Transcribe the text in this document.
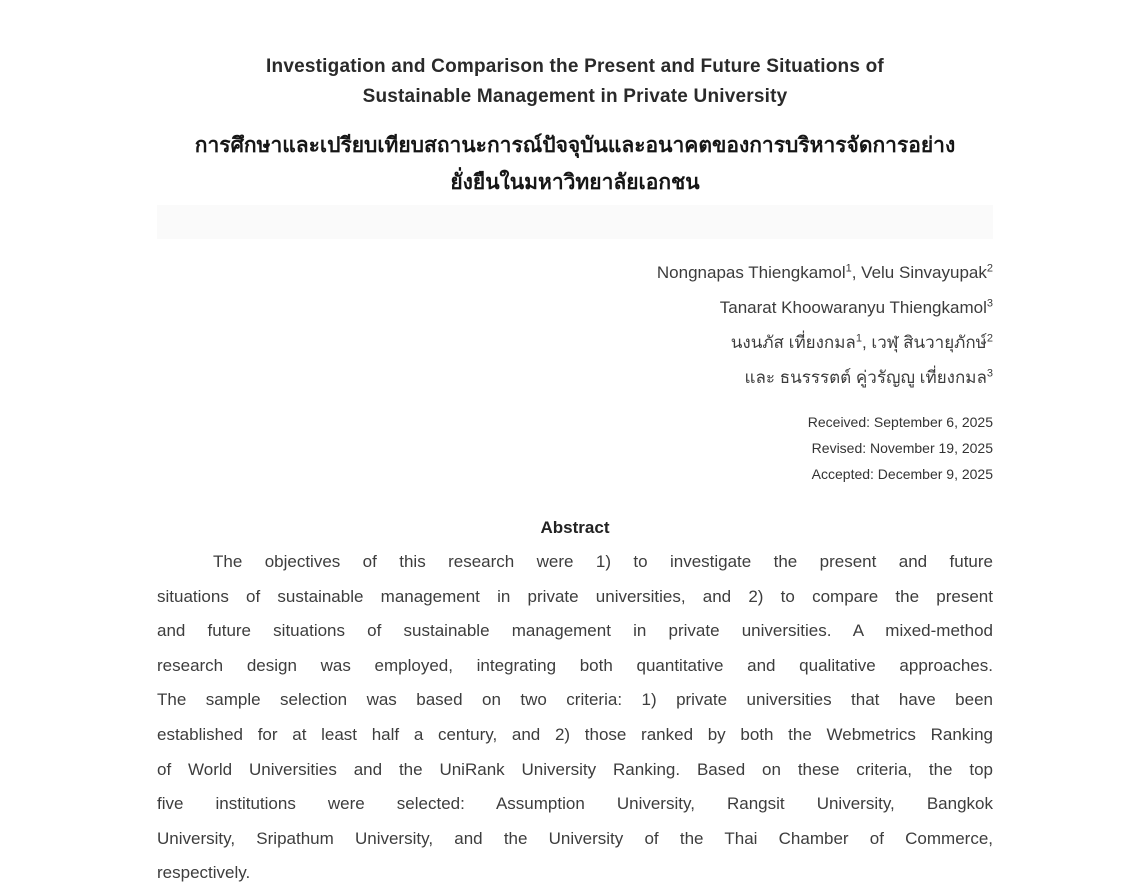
Investigation and Comparison the Present and Future Situations of
Sustainable Management in Private University
การศึกษาและเปรียบเทียบสถานะการณ์ปัจจุบันและอนาคตของการบริหารจัดการอย่าง
ยั่งยืนในมหาวิทยาลัยเอกชน
Nongnapas Thiengkamol$^1$, Velu Sinvayupak$^2$
Tanarat Khoowaranyu Thiengkamol$^3$
นงนภัส เที่ยงกมล$^1$, เวฬุ สินวายุภักษ์$^2$
และ ธนรรรตต์ คู่วรัญญู เที่ยงกมล$^3$
Received: September 6, 2025
Revised: November 19, 2025
Accepted: December 9, 2025
Abstract
The objectives of this research were 1) to investigate the present and future
situations of sustainable management in private universities, and 2) to compare the present
and future situations of sustainable management in private universities. A mixed-method
research design was employed, integrating both quantitative and qualitative approaches.
The sample selection was based on two criteria: 1) private universities that have been
established for at least half a century, and 2) those ranked by both the Webmetrics Ranking
of World Universities and the UniRank University Ranking. Based on these criteria, the top
five institutions were selected: Assumption University, Rangsit University, Bangkok
University, Sripathum University, and the University of the Thai Chamber of Commerce,
respectively.
